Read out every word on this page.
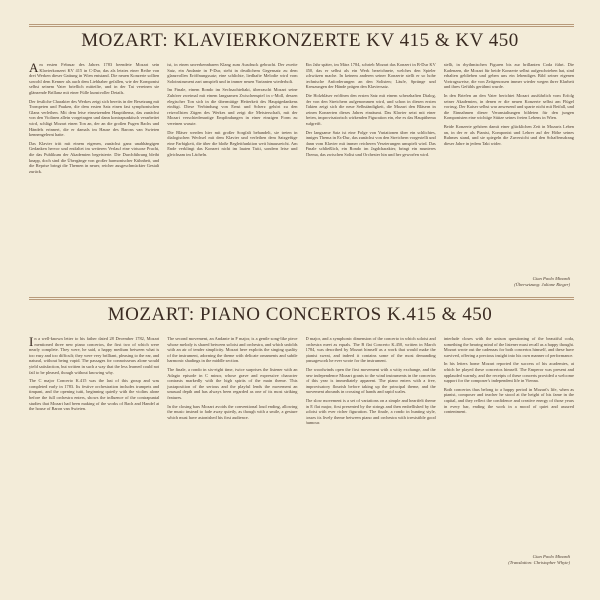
MOZART: KLAVIERKONZERTE KV 415 & KV 450
A m ersten Februar des Jahres 1783 beendete Mozart sein Klavierkonzert KV 415 in C-Dur, das als letztes einer Reihe von drei Werken dieser Gattung in Wien entstand. Die neuen Konzerte sollten sowohl dem Kenner als auch dem Liebhaber gefallen, wie der Komponist selbst seinem Vater brieflich mitteilte, und in der Tat vereinen sie glänzende Brillanz mit einer Fülle kunstvoller Details.

Der festliche Charakter des Werkes zeigt sich bereits in der Besetzung mit Trompeten und Pauken, die dem ersten Satz einen fast symphonischen Glanz verleihen. Mit dem leise einsetzenden Hauptthema, das zunächst von den Violinen allein vorgetragen und dann kontrapunktisch verarbeitet wird, schlägt Mozart einen Ton an, der an die großen Fugen Bachs und Händels erinnert, die er damals im Hause des Barons van Swieten kennengelernt hatte.

Das Klavier tritt mit einem eigenen, zunächst ganz unabhängigen Gedanken hervor und entfaltet im weiteren Verlauf eine virtuose Pracht, die das Publikum der Akademien begeisterte. Die Durchführung bleibt knapp, doch sind die Übergänge von großer harmonischer Kühnheit, und die Reprise bringt die Themen in neuer, reicher ausgeschmückter Gestalt zurück.

ist, in einen unverkennbaren Klang zum Ausdruck gebracht. Der zweite Satz, ein Andante in F-Dur, steht in deutlichem Gegensatz zu dem glanzvollen Eröffnungssatz; eine schlichte, liedhafte Melodie wird vom Soloinstrument zart umspielt und in immer neuen Varianten wiederholt.

Im Finale, einem Rondo im Sechsachteltakt, überrascht Mozart seine Zuhörer zweimal mit einem langsamen Zwischenspiel in c-Moll, dessen elegischer Ton sich in die übermütige Heiterkeit des Hauptgedankens einfügt. Diese Verbindung von Ernst und Scherz gehört zu den reizvollsten Zügen des Werkes und zeigt die Meisterschaft, mit der Mozart verschiedenartige Empfindungen in einer einzigen Form zu vereinen wusste.

Die Bläser werden hier mit großer Sorgfalt behandelt, sie treten in dialogischen Wechsel mit dem Klavier und verleihen dem Satzgefüge eine Farbigkeit, die über die bloße Begleitfunktion weit hinausreicht. Am Ende verklingt das Konzert nicht im lauten Tutti, sondern leise und gleichsam im Lächeln.

Ein Jahr später, im März 1784, schrieb Mozart das Konzert in B-Dur KV 450, das er selbst als ein Werk bezeichnete, welches den Spieler schwitzen mache. In keinem anderen seiner Konzerte stellt er so hohe technische Anforderungen an den Solisten; Läufe, Sprünge und Kreuzungen der Hände prägen den Klaviersatz.

Die Holzbläser eröffnen den ersten Satz mit einem scherzhaften Dialog, der von den Streichern aufgenommen wird, und schon in diesen ersten Takten zeigt sich die neue Selbständigkeit, die Mozart den Bläsern in seinen Konzerten dieses Jahres einräumt. Das Klavier setzt mit einer freien, improvisatorisch wirkenden Figuration ein, ehe es das Hauptthema aufgreift.

Der langsame Satz ist eine Folge von Variationen über ein schlichtes, inniges Thema in Es-Dur, das zunächst von den Streichern vorgestellt und dann vom Klavier mit immer reicheren Verzierungen umspielt wird. Das Finale schließlich, ein Rondo im Jagdcharakter, bringt ein munteres Thema, das zwischen Solist und Orchester hin und her geworfen wird.

stellt, in rhythmischen Figuren bis zur brillanten Coda führt. Die Kadenzen, die Mozart für beide Konzerte selbst aufgeschrieben hat, sind erhalten geblieben und geben uns ein lebendiges Bild seiner eigenen Vortragsweise, die von Zeitgenossen immer wieder wegen ihrer Klarheit und ihres Gefühls gerühmt wurde.

In den Briefen an den Vater berichtet Mozart ausführlich vom Erfolg seiner Akademien, in denen er die neuen Konzerte selbst am Flügel vortrug. Der Kaiser selbst war anwesend und sparte nicht mit Beifall, und die Einnahmen dieser Veranstaltungen bildeten für den jungen Komponisten eine wichtige Stütze seines freien Lebens in Wien.

Beide Konzerte gehören damit einer glücklichen Zeit in Mozarts Leben an, in der er als Pianist, Komponist und Lehrer auf der Höhe seines Ruhmes stand, und sie spiegeln die Zuversicht und den Schaffensdrang dieser Jahre in jedem Takt wider.

Gian Paolo Minardi
(Übersetzung: Juliane Rieger)
MOZART: PIANO CONCERTOS K.415 & 450
I n a well-known letter to his father dated 28 December 1782, Mozart mentioned three new piano concertos, the first two of which were nearly complete. They were, he said, a happy medium between what is too easy and too difficult; they were very brilliant, pleasing to the ear, and natural, without being vapid. The passages for connoisseurs alone would yield satisfaction, but written in such a way that the less learned could not fail to be pleased, though without knowing why.

The C major Concerto K.415 was the last of this group and was completed early in 1783. Its festive orchestration includes trumpets and timpani, and the opening tutti, beginning quietly with the violins alone before the full orchestra enters, shows the influence of the contrapuntal studies that Mozart had been making of the works of Bach and Handel at the house of Baron van Swieten.

The second movement, an Andante in F major, is a gentle song-like piece whose melody is shared between soloist and orchestra, and which unfolds with an air of tender simplicity. Mozart here exploits the singing quality of the instrument, adorning the theme with delicate ornaments and subtle harmonic shadings in the middle section.

The finale, a rondo in six-eight time, twice surprises the listener with an Adagio episode in C minor, whose grave and expressive character contrasts markedly with the high spirits of the main theme. This juxtaposition of the serious and the playful lends the movement an unusual depth and has always been regarded as one of its most striking features.

In the closing bars Mozart avoids the conventional loud ending, allowing the music instead to fade away quietly, as though with a smile, a gesture which must have astonished his first audience.

D major, and a symphonic dimension of the concerto in which soloist and orchestra meet as equals. The B flat Concerto K.450, written in March 1784, was described by Mozart himself as a work that would make the pianist sweat, and indeed it contains some of the most demanding passagework he ever wrote for the instrument.

The woodwinds open the first movement with a witty exchange, and the new independence Mozart grants to the wind instruments in the concertos of this year is immediately apparent. The piano enters with a free, improvisatory flourish before taking up the principal theme, and the movement abounds in crossing of hands and rapid scales.

The slow movement is a set of variations on a simple and heartfelt theme in E flat major, first presented by the strings and then embellished by the soloist with ever richer figuration. The finale, a rondo in hunting style, tosses its lively theme between piano and orchestra with irresistible good humour.

interlude closes with the unison questioning of the beautiful coda, something the hearing mind of the listener must recall as a happy thought. Mozart wrote out the cadenzas for both concertos himself, and these have survived, offering a precious insight into his own manner of performance.

In his letters home Mozart reported the success of his academies, at which he played these concertos himself. The Emperor was present and applauded warmly, and the receipts of these concerts provided a welcome support for the composer's independent life in Vienna.

Both concertos thus belong to a happy period in Mozart's life, when as pianist, composer and teacher he stood at the height of his fame in the capital, and they reflect the confidence and creative energy of those years in every bar, ending the work in a mood of quiet and assured contentment.

Gian Paolo Minardi
(Translation: Christopher Whyte)
